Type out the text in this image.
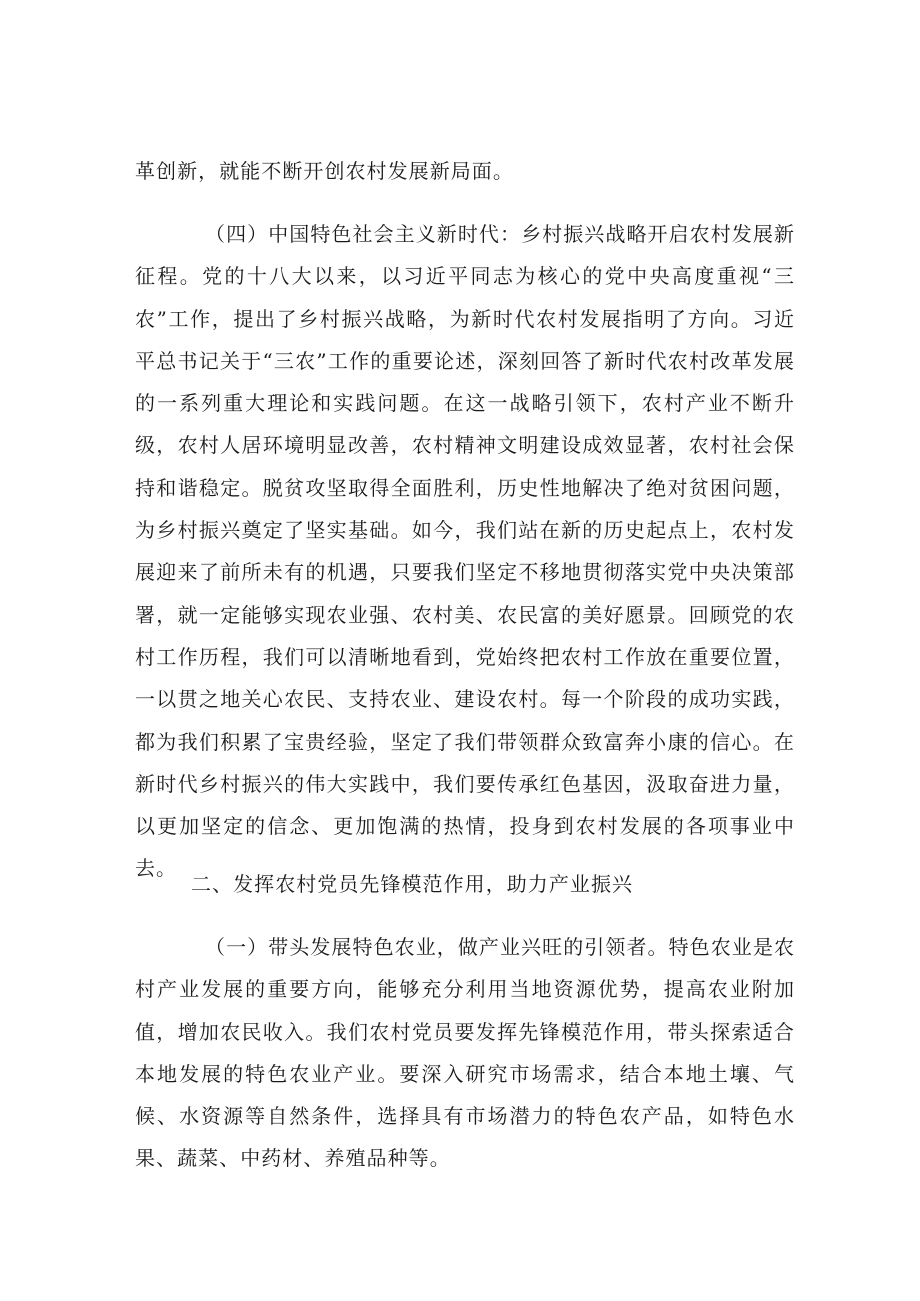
革创新，就能不断开创农村发展新局面。

（四）中国特色社会主义新时代：乡村振兴战略开启农村发展新征程。党的十八大以来，以习近平同志为核心的党中央高度重视“三农”工作，提出了乡村振兴战略，为新时代农村发展指明了方向。习近平总书记关于“三农”工作的重要论述，深刻回答了新时代农村改革发展的一系列重大理论和实践问题。在这一战略引领下，农村产业不断升级，农村人居环境明显改善，农村精神文明建设成效显著，农村社会保持和谐稳定。脱贫攻坚取得全面胜利，历史性地解决了绝对贫困问题，为乡村振兴奠定了坚实基础。如今，我们站在新的历史起点上，农村发展迎来了前所未有的机遇，只要我们坚定不移地贯彻落实党中央决策部署，就一定能够实现农业强、农村美、农民富的美好愿景。回顾党的农村工作历程，我们可以清晰地看到，党始终把农村工作放在重要位置，一以贯之地关心农民、支持农业、建设农村。每一个阶段的成功实践，都为我们积累了宝贵经验，坚定了我们带领群众致富奔小康的信心。在新时代乡村振兴的伟大实践中，我们要传承红色基因，汲取奋进力量，以更加坚定的信念、更加饱满的热情，投身到农村发展的各项事业中去。

二、发挥农村党员先锋模范作用，助力产业振兴

（一）带头发展特色农业，做产业兴旺的引领者。特色农业是农村产业发展的重要方向，能够充分利用当地资源优势，提高农业附加值，增加农民收入。我们农村党员要发挥先锋模范作用，带头探索适合本地发展的特色农业产业。要深入研究市场需求，结合本地土壤、气候、水资源等自然条件，选择具有市场潜力的特色农产品，如特色水果、蔬菜、中药材、养殖品种等。
